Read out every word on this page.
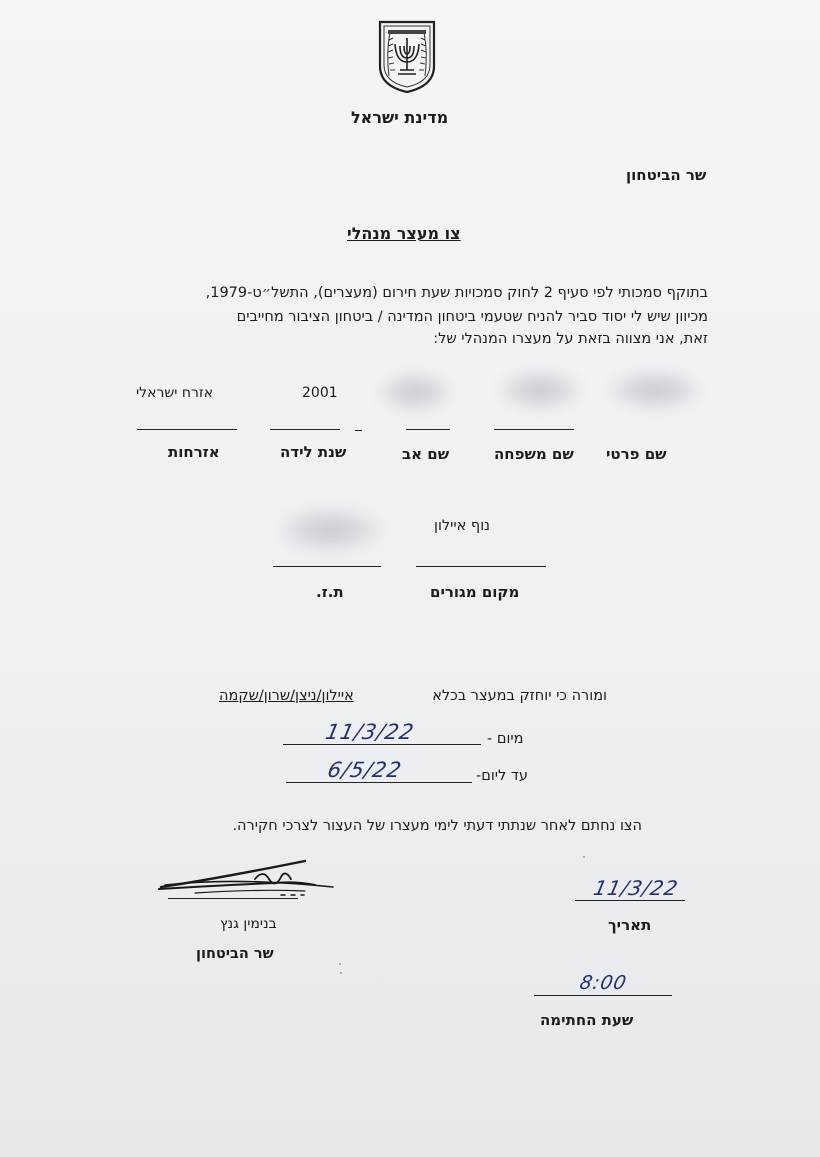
מדינת ישראל
שר הביטחון
צו מעצר מנהלי
בתוקף סמכותי לפי סעיף 2 לחוק סמכויות שעת חירום (מעצרים), התשל״ט-1979,
מכיוון שיש לי יסוד סביר להניח שטעמי ביטחון המדינה / ביטחון הציבור מחייבים
זאת, אני מצווה בזאת על מעצרו המנהלי של:
2001
אזרח ישראלי
שם פרטי
שם משפחה
שם אב
שנת לידה
אזרחות
נוף איילון
מקום מגורים
ת.ז.
ומורה כי יוחזק במעצר בכלא
איילון/ניצן/שרון/שקמה
11/3/22	מיום -
6/5/22	עד ליום-
הצו נחתם לאחר שנתתי דעתי לימי מעצרו של העצור לצרכי חקירה.
בנימין גנץ
שר הביטחון
11/3/22
תאריך
8:00
שעת החתימה
